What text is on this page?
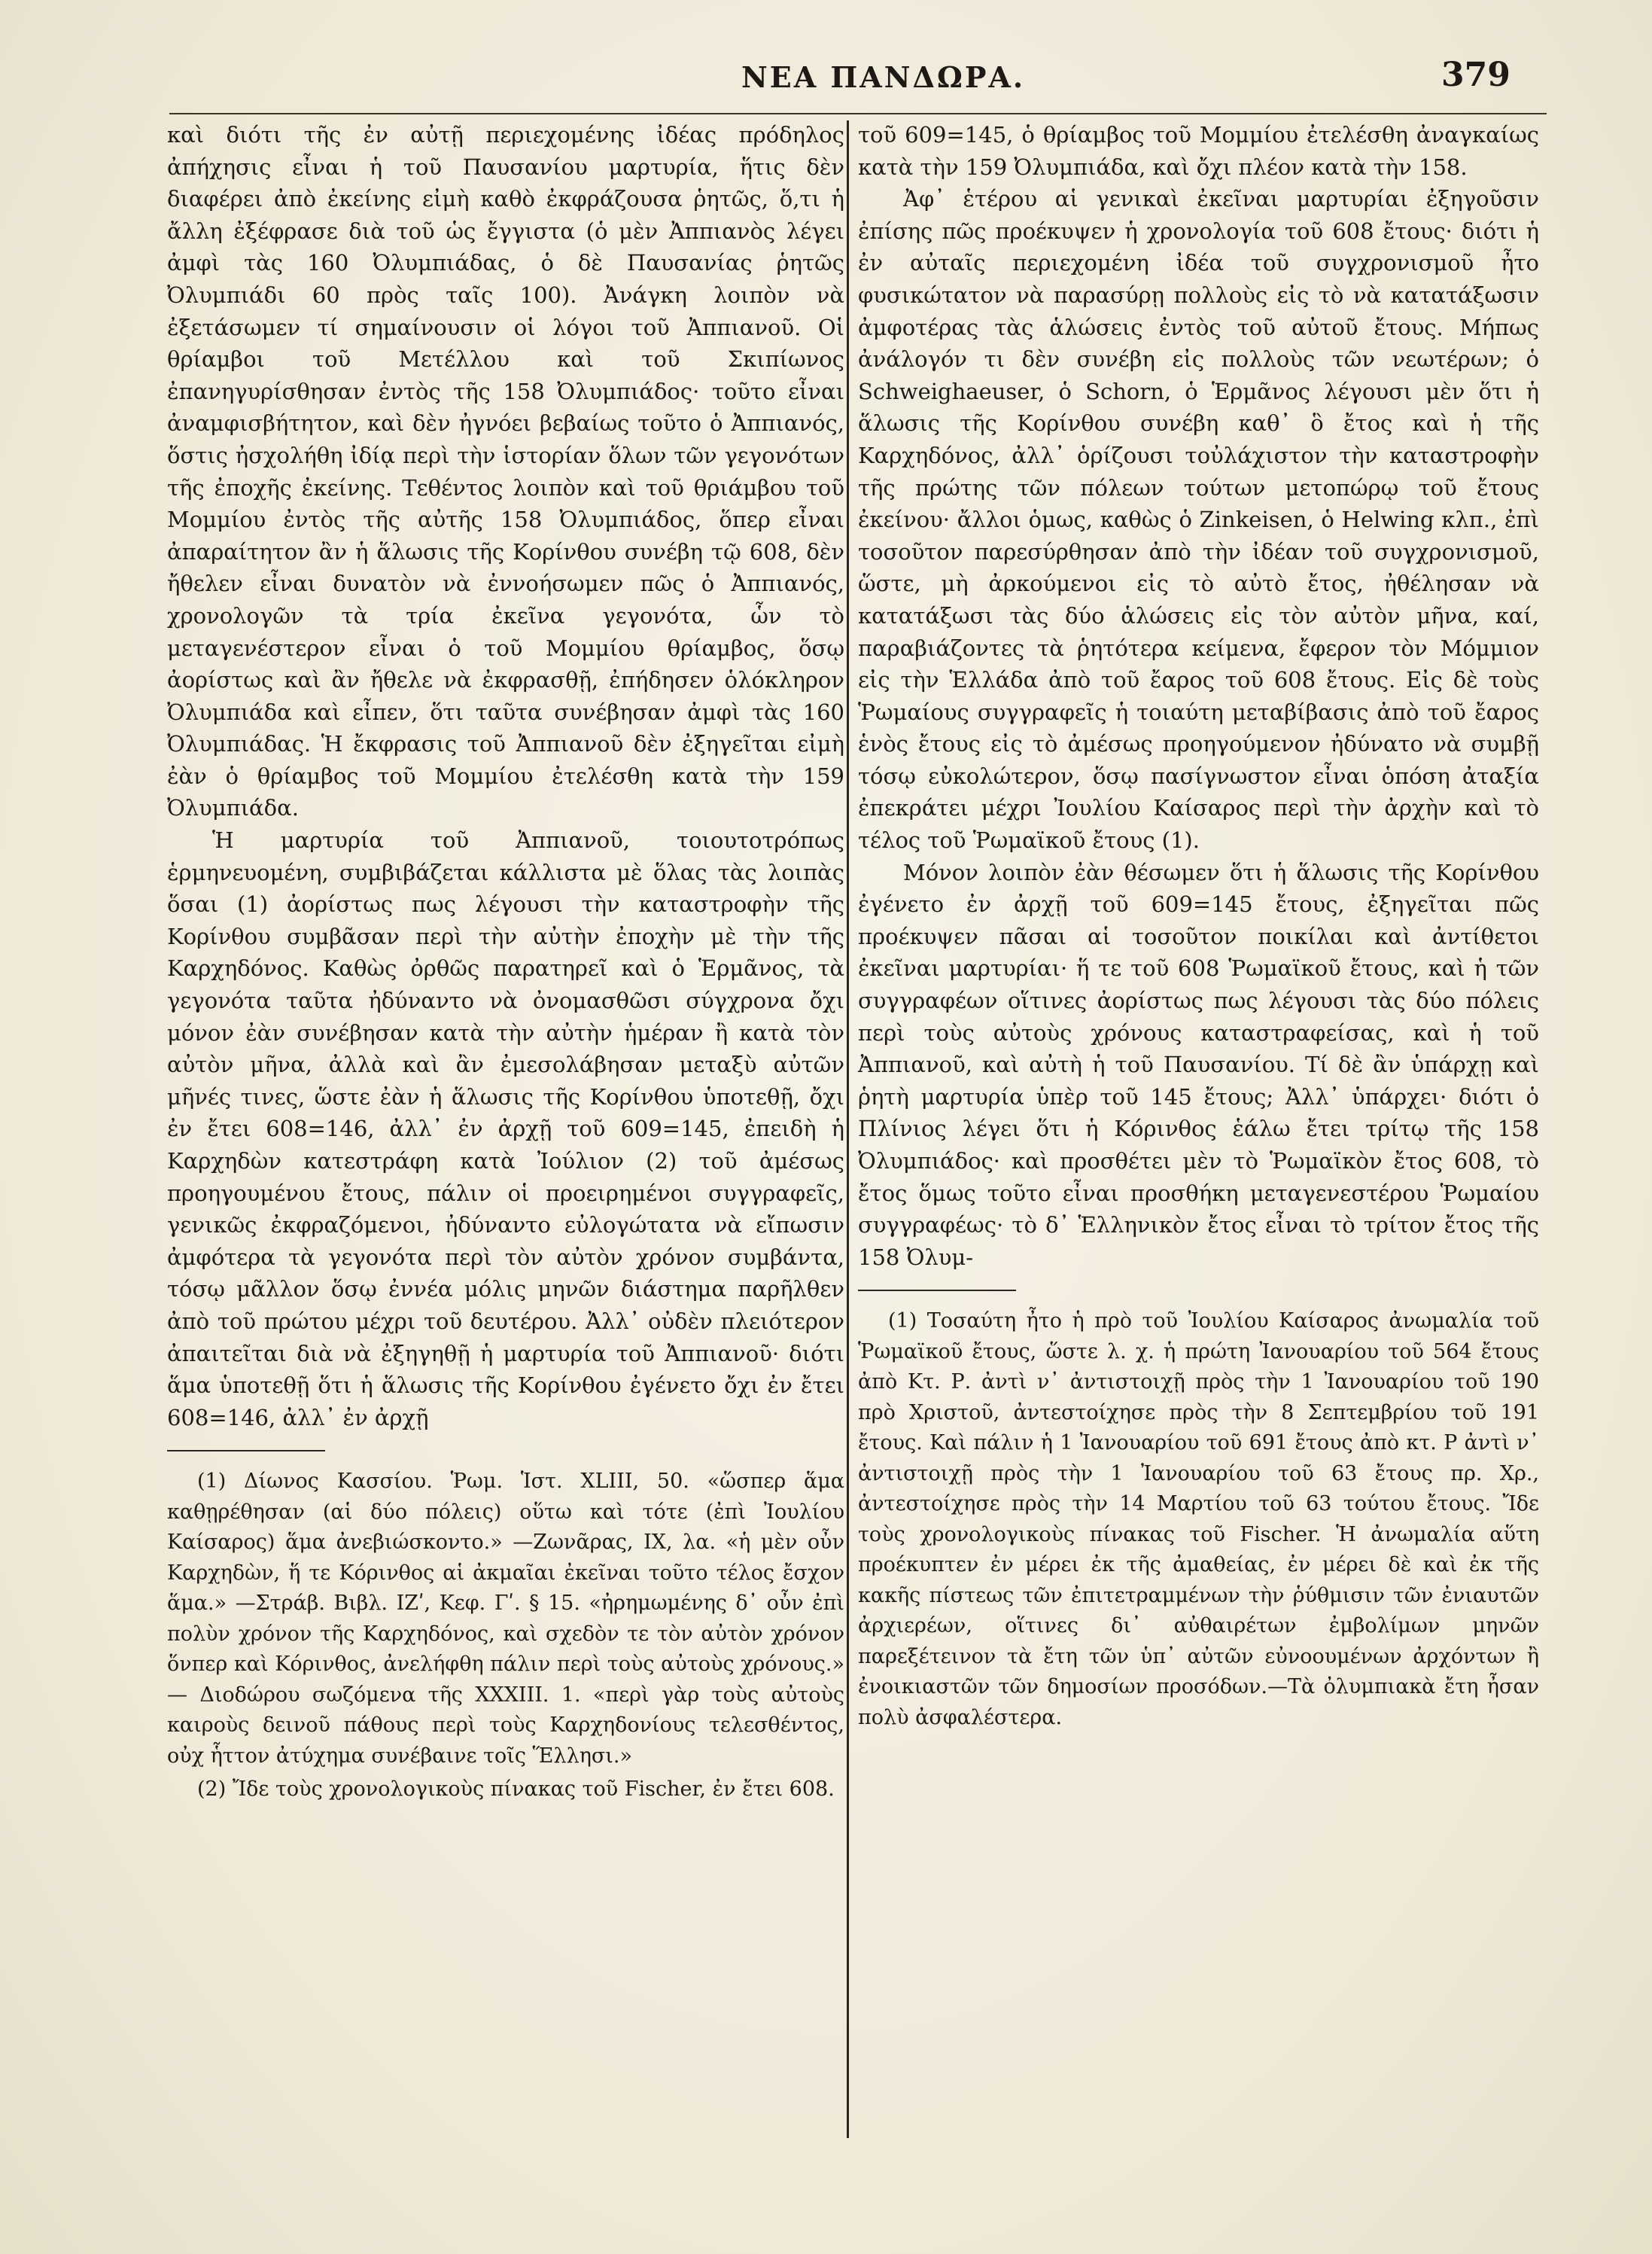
ΝΕΑ ΠΑΝΔΩΡΑ.	379

καὶ διότι τῆς ἐν αὐτῇ περιεχομένης ἰδέας πρόδηλος ἀπήχησις εἶναι ἡ τοῦ Παυσανίου μαρτυρία, ἥτις δὲν διαφέρει ἀπὸ ἐκείνης εἰμὴ καθὸ ἐκφράζουσα ῥητῶς, ὅ,τι ἡ ἄλλη ἐξέφρασε διὰ τοῦ ὡς ἔγγιστα (ὁ μὲν Ἀππιανὸς λέγει ἀμφὶ τὰς 160 Ὀλυμπιάδας, ὁ δὲ Παυσανίας ῥητῶς Ὀλυμπιάδι 60 πρὸς ταῖς 100). Ἀνάγκη λοιπὸν νὰ ἐξετάσωμεν τί σημαίνουσιν οἱ λόγοι τοῦ Ἀππιανοῦ. Οἱ θρίαμβοι τοῦ Μετέλλου καὶ τοῦ Σκιπίωνος ἐπανηγυρίσθησαν ἐντὸς τῆς 158 Ὀλυμπιάδος· τοῦτο εἶναι ἀναμφισβήτητον, καὶ δὲν ἠγνόει βεβαίως τοῦτο ὁ Ἀππιανός, ὅστις ἠσχολήθη ἰδίᾳ περὶ τὴν ἱστορίαν ὅλων τῶν γεγονότων τῆς ἐποχῆς ἐκείνης. Τεθέντος λοιπὸν καὶ τοῦ θριάμβου τοῦ Μομμίου ἐντὸς τῆς αὐτῆς 158 Ὀλυμπιάδος, ὅπερ εἶναι ἀπαραίτητον ἂν ἡ ἅλωσις τῆς Κορίνθου συνέβη τῷ 608, δὲν ἤθελεν εἶναι δυνατὸν νὰ ἐννοήσωμεν πῶς ὁ Ἀππιανός, χρονολογῶν τὰ τρία ἐκεῖνα γεγονότα, ὧν τὸ μεταγενέστερον εἶναι ὁ τοῦ Μομμίου θρίαμβος, ὅσῳ ἀορίστως καὶ ἂν ἤθελε νὰ ἐκφρασθῇ, ἐπήδησεν ὁλόκληρον Ὀλυμπιάδα καὶ εἶπεν, ὅτι ταῦτα συνέβησαν ἀμφὶ τὰς 160 Ὀλυμπιάδας. Ἡ ἔκφρασις τοῦ Ἀππιανοῦ δὲν ἐξηγεῖται εἰμὴ ἐὰν ὁ θρίαμβος τοῦ Μομμίου ἐτελέσθη κατὰ τὴν 159 Ὀλυμπιάδα.

Ἡ μαρτυρία τοῦ Ἀππιανοῦ, τοιουτοτρόπως ἑρμηνευομένη, συμβιβάζεται κάλλιστα μὲ ὅλας τὰς λοιπὰς ὅσαι (1) ἀορίστως πως λέγουσι τὴν καταστροφὴν τῆς Κορίνθου συμβᾶσαν περὶ τὴν αὐτὴν ἐποχὴν μὲ τὴν τῆς Καρχηδόνος. Καθὼς ὀρθῶς παρατηρεῖ καὶ ὁ Ἑρμᾶνος, τὰ γεγονότα ταῦτα ἠδύναντο νὰ ὀνομασθῶσι σύγχρονα ὄχι μόνον ἐὰν συνέβησαν κατὰ τὴν αὐτὴν ἡμέραν ἢ κατὰ τὸν αὐτὸν μῆνα, ἀλλὰ καὶ ἂν ἐμεσολάβησαν μεταξὺ αὐτῶν μῆνές τινες, ὥστε ἐὰν ἡ ἅλωσις τῆς Κορίνθου ὑποτεθῇ, ὄχι ἐν ἔτει 608=146, ἀλλ᾽ ἐν ἀρχῇ τοῦ 609=145, ἐπειδὴ ἡ Καρχηδὼν κατεστράφη κατὰ Ἰούλιον (2) τοῦ ἀμέσως προηγουμένου ἔτους, πάλιν οἱ προειρημένοι συγγραφεῖς, γενικῶς ἐκφραζόμενοι, ἠδύναντο εὐλογώτατα νὰ εἴπωσιν ἀμφότερα τὰ γεγονότα περὶ τὸν αὐτὸν χρόνον συμβάντα, τόσῳ μᾶλλον ὅσῳ ἐννέα μόλις μηνῶν διάστημα παρῆλθεν ἀπὸ τοῦ πρώτου μέχρι τοῦ δευτέρου. Ἀλλ᾽ οὐδὲν πλειότερον ἀπαιτεῖται διὰ νὰ ἐξηγηθῇ ἡ μαρτυρία τοῦ Ἀππιανοῦ· διότι ἅμα ὑποτεθῇ ὅτι ἡ ἅλωσις τῆς Κορίνθου ἐγένετο ὄχι ἐν ἔτει 608=146, ἀλλ᾽ ἐν ἀρχῇ

(1) Δίωνος Κασσίου. Ῥωμ. Ἱστ. XLIII, 50. «ὥσπερ ἅμα καθῃρέθησαν (αἱ δύο πόλεις) οὕτω καὶ τότε (ἐπὶ Ἰουλίου Καίσαρος) ἅμα ἀνεβιώσκοντο.» —Ζωνᾶρας, IX, λα. «ἡ μὲν οὖν Καρχηδὼν, ἥ τε Κόρινθος αἱ ἀκμαῖαι ἐκεῖναι τοῦτο τέλος ἔσχον ἅμα.» —Στράβ. Βιβλ. ΙΖʹ, Κεφ. Γʹ. § 15. «ἠρημωμένης δ᾽ οὖν ἐπὶ πολὺν χρόνον τῆς Καρχηδόνος, καὶ σχεδὸν τε τὸν αὐτὸν χρόνον ὅνπερ καὶ Κόρινθος, ἀνελήφθη πάλιν περὶ τοὺς αὐτοὺς χρόνους.» — Διοδώρου σωζόμενα τῆς XXXIII. 1. «περὶ γὰρ τοὺς αὐτοὺς καιροὺς δεινοῦ πάθους περὶ τοὺς Καρχηδονίους τελεσθέντος, οὐχ ἧττον ἀτύχημα συνέβαινε τοῖς Ἕλλησι.»

(2) Ἴδε τοὺς χρονολογικοὺς πίνακας τοῦ Fischer, ἐν ἔτει 608.

τοῦ 609=145, ὁ θρίαμβος τοῦ Μομμίου ἐτελέσθη ἀναγκαίως κατὰ τὴν 159 Ὀλυμπιάδα, καὶ ὄχι πλέον κατὰ τὴν 158.

Ἀφ᾽ ἑτέρου αἱ γενικαὶ ἐκεῖναι μαρτυρίαι ἐξηγοῦσιν ἐπίσης πῶς προέκυψεν ἡ χρονολογία τοῦ 608 ἔτους· διότι ἡ ἐν αὐταῖς περιεχομένη ἰδέα τοῦ συγχρονισμοῦ ἦτο φυσικώτατον νὰ παρασύρῃ πολλοὺς εἰς τὸ νὰ κατατάξωσιν ἀμφοτέρας τὰς ἁλώσεις ἐντὸς τοῦ αὐτοῦ ἔτους. Μήπως ἀνάλογόν τι δὲν συνέβη εἰς πολλοὺς τῶν νεωτέρων; ὁ Schweighaeuser, ὁ Schorn, ὁ Ἑρμᾶνος λέγουσι μὲν ὅτι ἡ ἅλωσις τῆς Κορίνθου συνέβη καθ᾽ ὃ ἔτος καὶ ἡ τῆς Καρχηδόνος, ἀλλ᾽ ὁρίζουσι τοὐλάχιστον τὴν καταστροφὴν τῆς πρώτης τῶν πόλεων τούτων μετοπώρῳ τοῦ ἔτους ἐκείνου· ἄλλοι ὁμως, καθὼς ὁ Zinkeisen, ὁ Helwing κλπ., ἐπὶ τοσοῦτον παρεσύρθησαν ἀπὸ τὴν ἰδέαν τοῦ συγχρονισμοῦ, ὥστε, μὴ ἀρκούμενοι εἰς τὸ αὐτὸ ἔτος, ἠθέλησαν νὰ κατατάξωσι τὰς δύο ἁλώσεις εἰς τὸν αὐτὸν μῆνα, καί, παραβιάζοντες τὰ ῥητότερα κείμενα, ἔφερον τὸν Μόμμιον εἰς τὴν Ἑλλάδα ἀπὸ τοῦ ἔαρος τοῦ 608 ἔτους. Εἰς δὲ τοὺς Ῥωμαίους συγγραφεῖς ἡ τοιαύτη μεταβίβασις ἀπὸ τοῦ ἔαρος ἑνὸς ἔτους εἰς τὸ ἀμέσως προηγούμενον ἠδύνατο νὰ συμβῇ τόσῳ εὐκολώτερον, ὅσῳ πασίγνωστον εἶναι ὁπόση ἀταξία ἐπεκράτει μέχρι Ἰουλίου Καίσαρος περὶ τὴν ἀρχὴν καὶ τὸ τέλος τοῦ Ῥωμαϊκοῦ ἔτους (1).

Μόνον λοιπὸν ἐὰν θέσωμεν ὅτι ἡ ἅλωσις τῆς Κορίνθου ἐγένετο ἐν ἀρχῇ τοῦ 609=145 ἔτους, ἐξηγεῖται πῶς προέκυψεν πᾶσαι αἱ τοσοῦτον ποικίλαι καὶ ἀντίθετοι ἐκεῖναι μαρτυρίαι· ἥ τε τοῦ 608 Ῥωμαϊκοῦ ἔτους, καὶ ἡ τῶν συγγραφέων οἵτινες ἀορίστως πως λέγουσι τὰς δύο πόλεις περὶ τοὺς αὐτοὺς χρόνους καταστραφείσας, καὶ ἡ τοῦ Ἀππιανοῦ, καὶ αὐτὴ ἡ τοῦ Παυσανίου. Τί δὲ ἂν ὑπάρχῃ καὶ ῥητὴ μαρτυρία ὑπὲρ τοῦ 145 ἔτους; Ἀλλ᾽ ὑπάρχει· διότι ὁ Πλίνιος λέγει ὅτι ἡ Κόρινθος ἑάλω ἔτει τρίτῳ τῆς 158 Ὀλυμπιάδος· καὶ προσθέτει μὲν τὸ Ῥωμαϊκὸν ἔτος 608, τὸ ἔτος ὅμως τοῦτο εἶναι προσθήκη μεταγενεστέρου Ῥωμαίου συγγραφέως· τὸ δ᾽ Ἑλληνικὸν ἔτος εἶναι τὸ τρίτον ἔτος τῆς 158 Ὀλυμ-

(1) Τοσαύτη ἦτο ἡ πρὸ τοῦ Ἰουλίου Καίσαρος ἀνωμαλία τοῦ Ῥωμαϊκοῦ ἔτους, ὥστε λ. χ. ἡ πρώτη Ἰανουαρίου τοῦ 564 ἔτους ἀπὸ Κτ. Ρ. ἀντὶ ν᾽ ἀντιστοιχῇ πρὸς τὴν 1 Ἰανουαρίου τοῦ 190 πρὸ Χριστοῦ, ἀντεστοίχησε πρὸς τὴν 8 Σεπτεμβρίου τοῦ 191 ἔτους. Καὶ πάλιν ἡ 1 Ἰανουαρίου τοῦ 691 ἔτους ἀπὸ κτ. Ρ ἀντὶ ν᾽ ἀντιστοιχῇ πρὸς τὴν 1 Ἰανουαρίου τοῦ 63 ἔτους πρ. Χρ., ἀντεστοίχησε πρὸς τὴν 14 Μαρτίου τοῦ 63 τούτου ἔτους. Ἴδε τοὺς χρονολογικοὺς πίνακας τοῦ Fischer. Ἡ ἀνωμαλία αὕτη προέκυπτεν ἐν μέρει ἐκ τῆς ἀμαθείας, ἐν μέρει δὲ καὶ ἐκ τῆς κακῆς πίστεως τῶν ἐπιτετραμμένων τὴν ῥύθμισιν τῶν ἐνιαυτῶν ἀρχιερέων, οἵτινες δι᾽ αὐθαιρέτων ἐμβολίμων μηνῶν παρεξέτεινον τὰ ἔτη τῶν ὑπ᾽ αὐτῶν εὐνοουμένων ἀρχόντων ἢ ἐνοικιαστῶν τῶν δημοσίων προσόδων.—Τὰ ὀλυμπιακὰ ἔτη ἦσαν πολὺ ἀσφαλέστερα.
